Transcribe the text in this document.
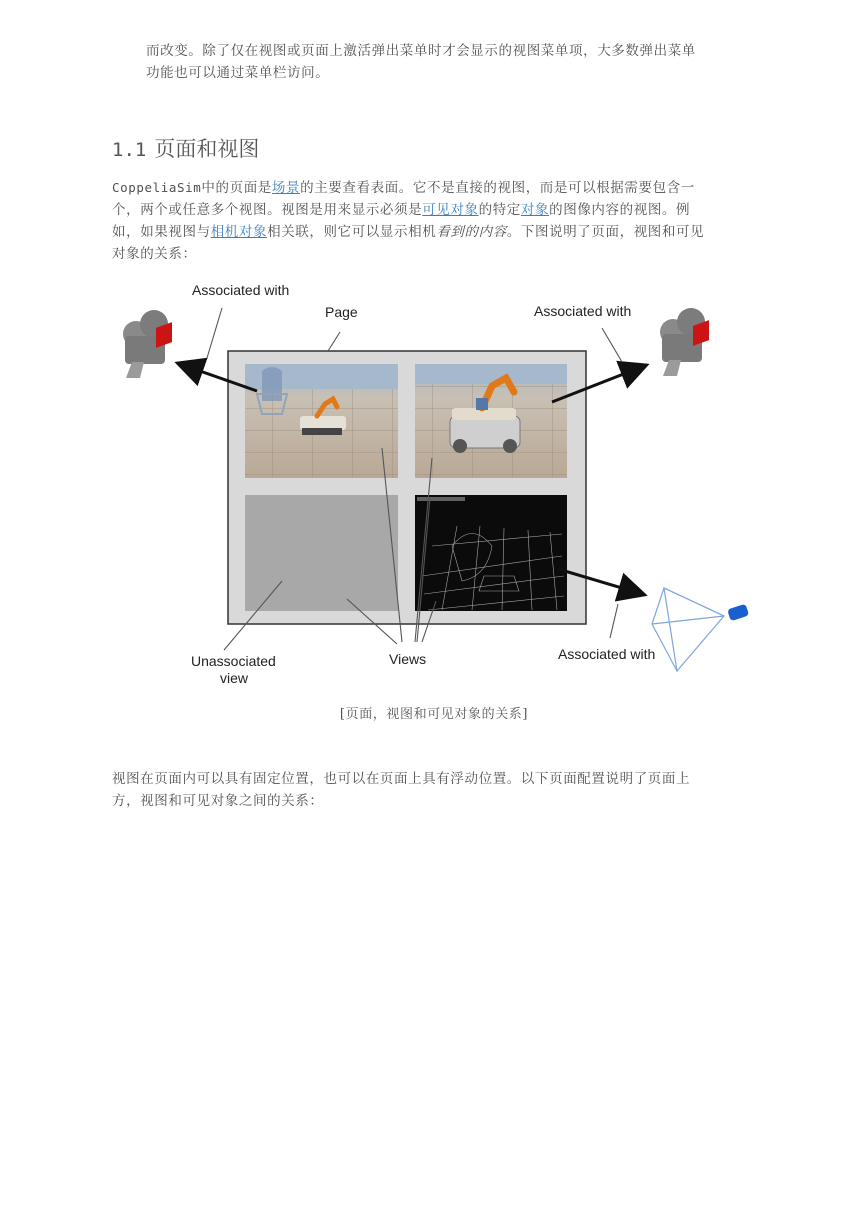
而改变。除了仅在视图或页面上激活弹出菜单时才会显示的视图菜单项，大多数弹出菜单
功能也可以通过菜单栏访问。

1.1 页面和视图

CoppeliaSim中的页面是场景的主要查看表面。它不是直接的视图，而是可以根据需要包含一
个，两个或任意多个视图。视图是用来显示必须是可见对象的特定对象的图像内容的视图。例
如，如果视图与相机对象相关联，则它可以显示相机看到的内容。下图说明了页面，视图和可见
对象的关系：

Associated with
Page	Associated with
Unassociated
view
Views	Associated with
[页面，视图和可见对象的关系]

视图在页面内可以具有固定位置，也可以在页面上具有浮动位置。以下页面配置说明了页面上
方，视图和可见对象之间的关系：
